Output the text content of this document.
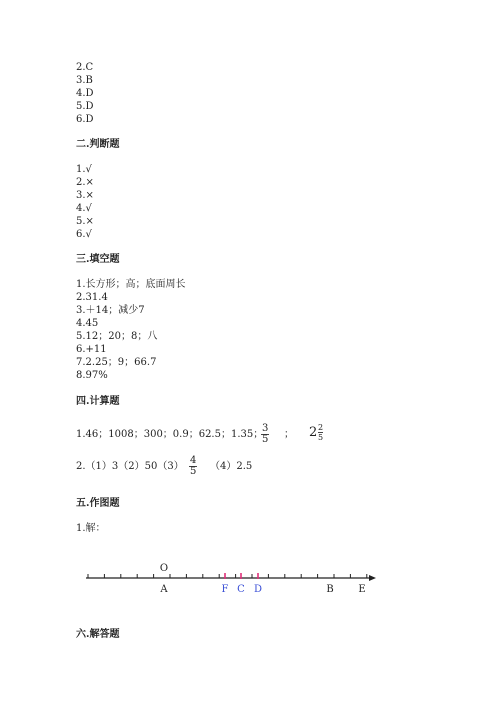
2.C
3.B
4.D
5.D
6.D
二.判断题
1.√
2.×
3.×
4.√
5.×
6.√
三.填空题
1.长方形；高；底面周长
2.31.4
3.＋14；减少7
4.45
5.12；20；8；八
6.+11
7.2.25；9；66.7
8.97%
四.计算题
1.46；1008；300；0.9；62.5；1.35；
$\frac{3}{5}$ ； $2 \frac{2}{5}$
$2.(1)3(2)50(3) \frac{4}{5} (4)2.5$
五.作图题
1.解：
O
A	F C D	B E
六.解答题
